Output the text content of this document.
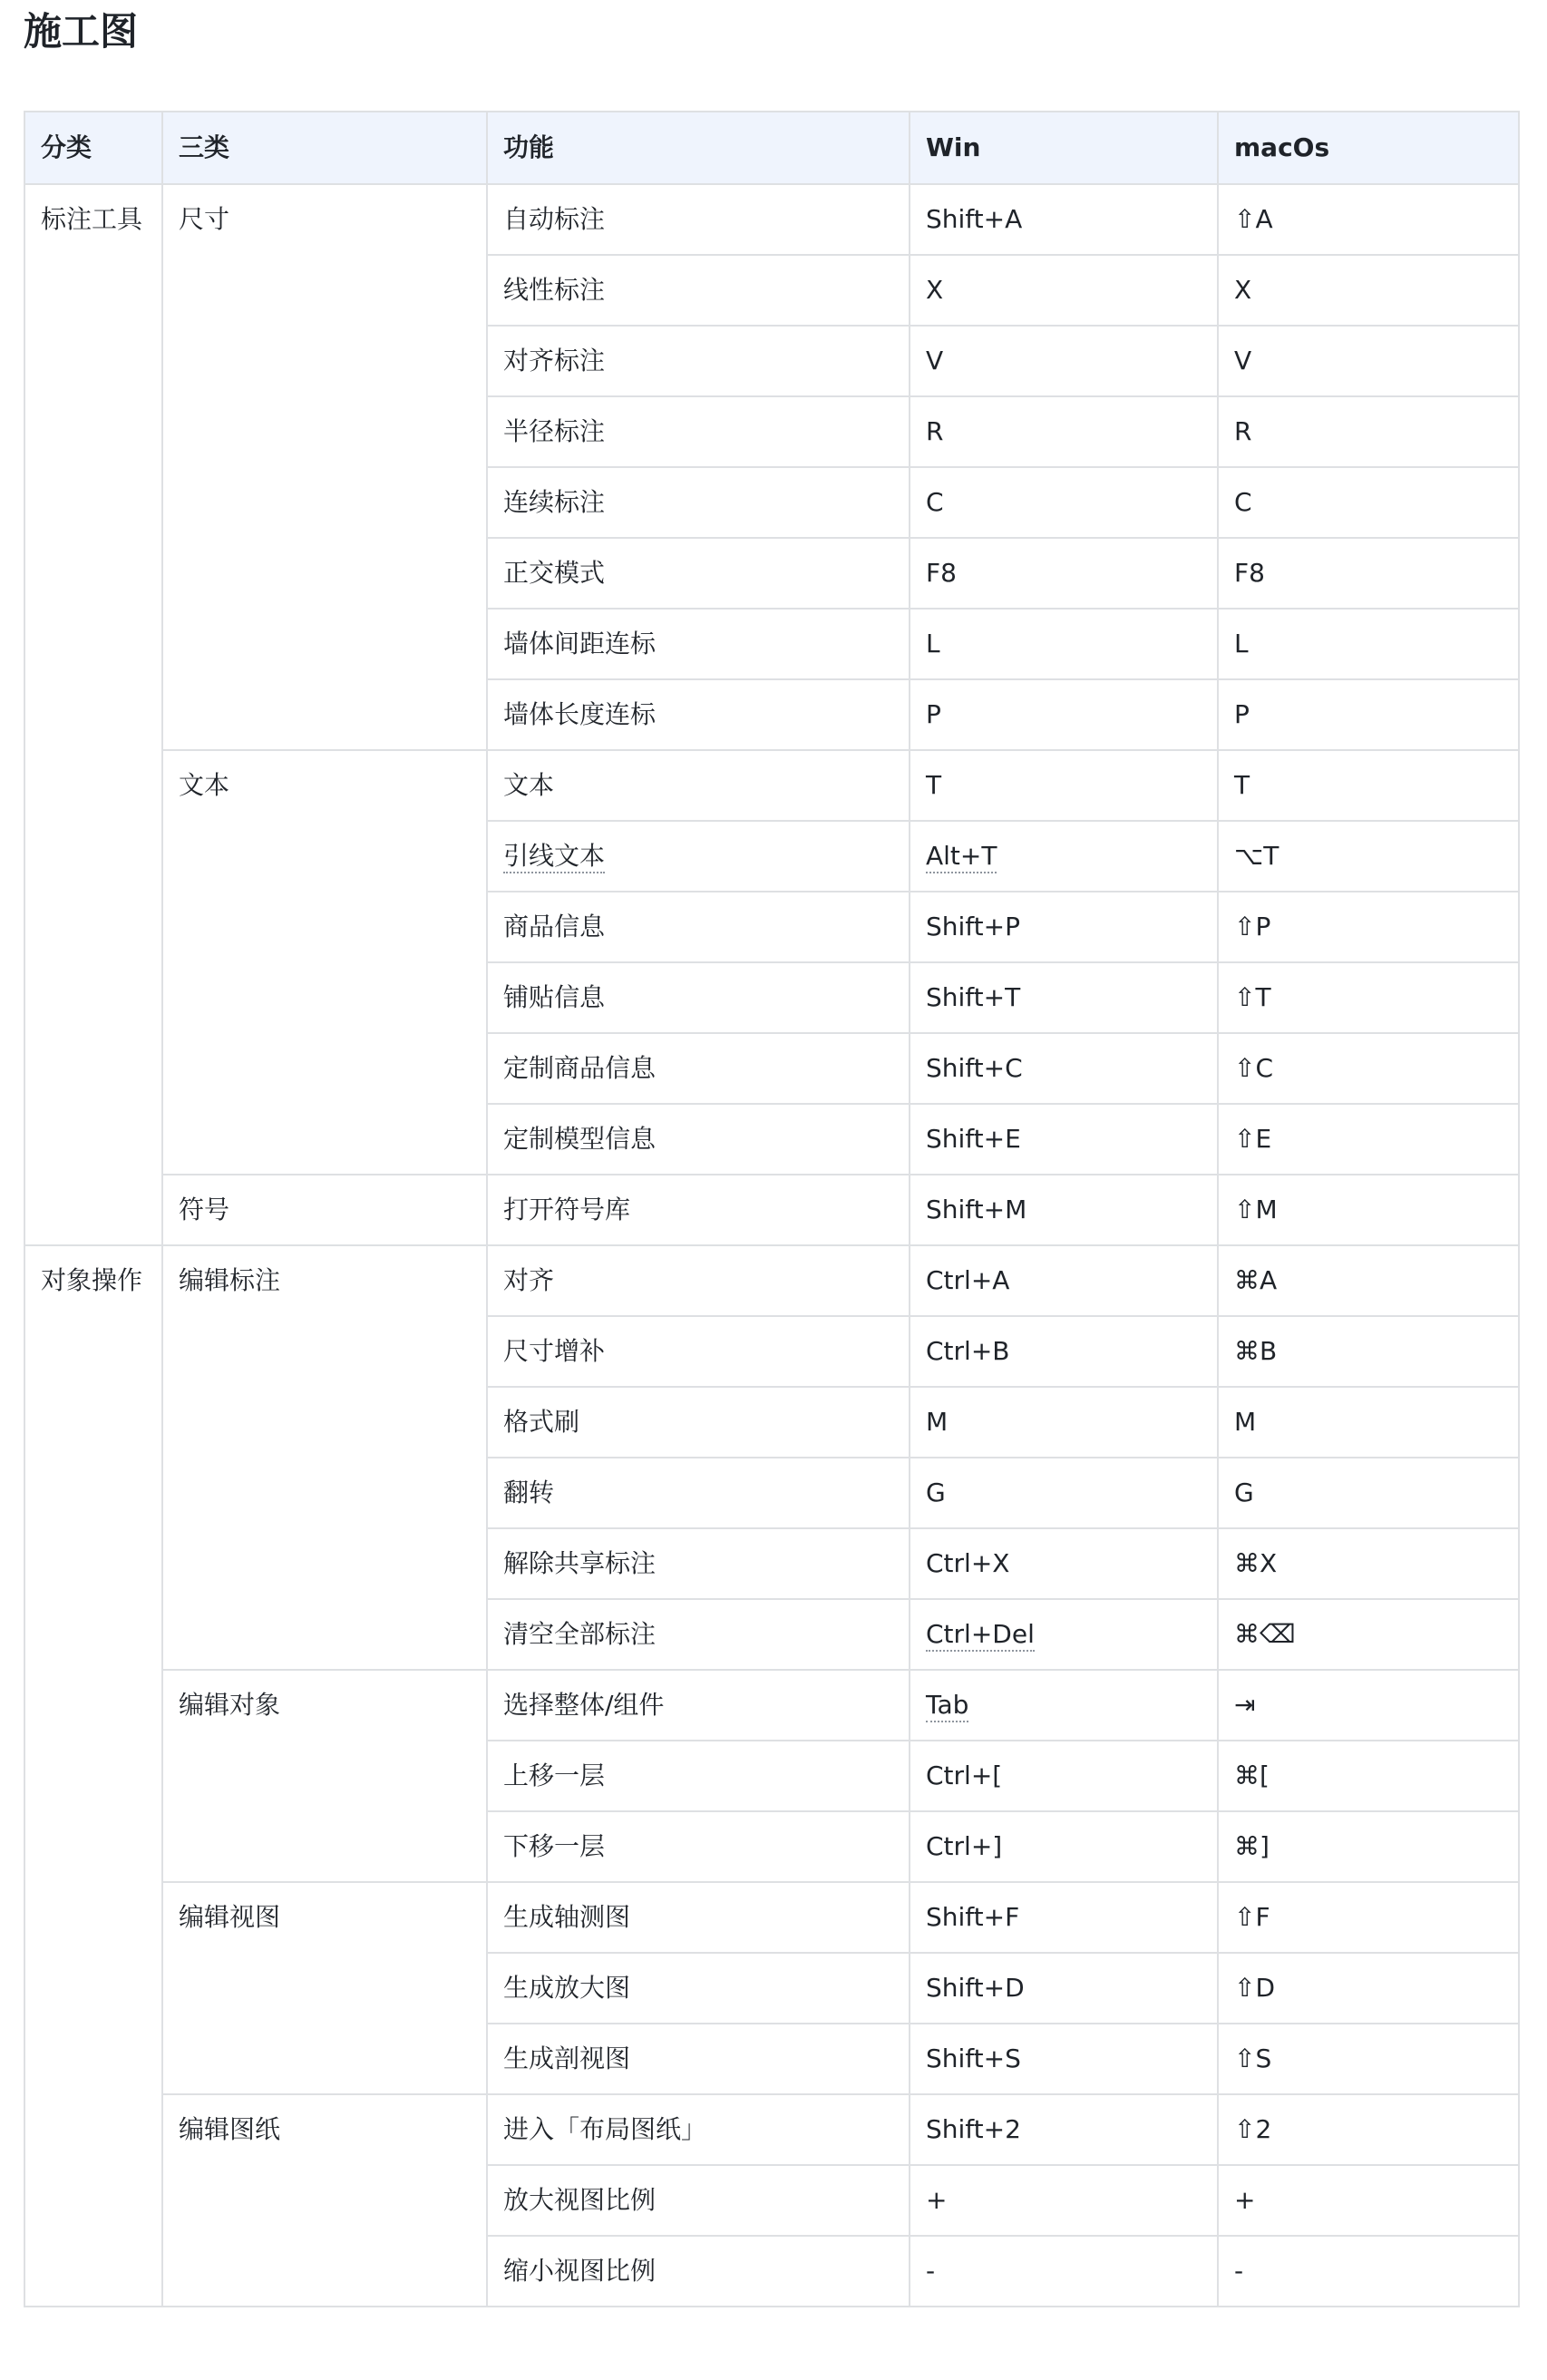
施工图
分类	三类	功能	Win	macOs
标注工具	尺寸	自动标注	Shift+A	⇧A
		线性标注	X	X
		对齐标注	V	V
		半径标注	R	R
		连续标注	C	C
		正交模式	F8	F8
		墙体间距连标	L	L
		墙体长度连标	P	P
	文本	文本	T	T
		引线文本	Alt+T	⌥T
		商品信息	Shift+P	⇧P
		铺贴信息	Shift+T	⇧T
		定制商品信息	Shift+C	⇧C
		定制模型信息	Shift+E	⇧E
	符号	打开符号库	Shift+M	⇧M
对象操作	编辑标注	对齐	Ctrl+A	⌘A
		尺寸增补	Ctrl+B	⌘B
		格式刷	M	M
		翻转	G	G
		解除共享标注	Ctrl+X	⌘X
		清空全部标注	Ctrl+Del	⌘⌫
	编辑对象	选择整体/组件	Tab	⇥
		上移一层	Ctrl+[	⌘[
		下移一层	Ctrl+]	⌘]
	编辑视图	生成轴测图	Shift+F	⇧F
		生成放大图	Shift+D	⇧D
		生成剖视图	Shift+S	⇧S
	编辑图纸	进入「布局图纸」	Shift+2	⇧2
		放大视图比例	+	+
		缩小视图比例	-	-
